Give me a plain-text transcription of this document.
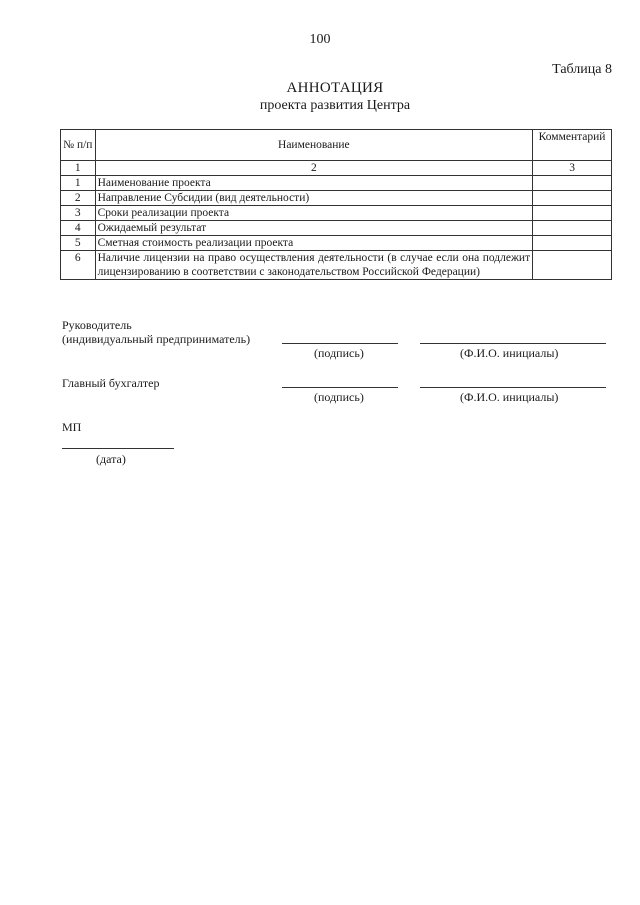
100
Таблица 8
АННОТАЦИЯ
проекта развития Центра
№ п/п	Наименование	Комментарий
1	2	3
1	Наименование проекта	
2	Направление Субсидии (вид деятельности)	
3	Сроки реализации проекта	
4	Ожидаемый результат	
5	Сметная стоимость реализации проекта	
6	Наличие лицензии на право осуществления деятельности (в случае если она подлежит лицензированию в соответствии с законодательством Российской Федерации)	
Руководитель
(индивидуальный предприниматель)
(подпись)	(Ф.И.О. инициалы)
Главный бухгалтер
(подпись)	(Ф.И.О. инициалы)
МП
(дата)
